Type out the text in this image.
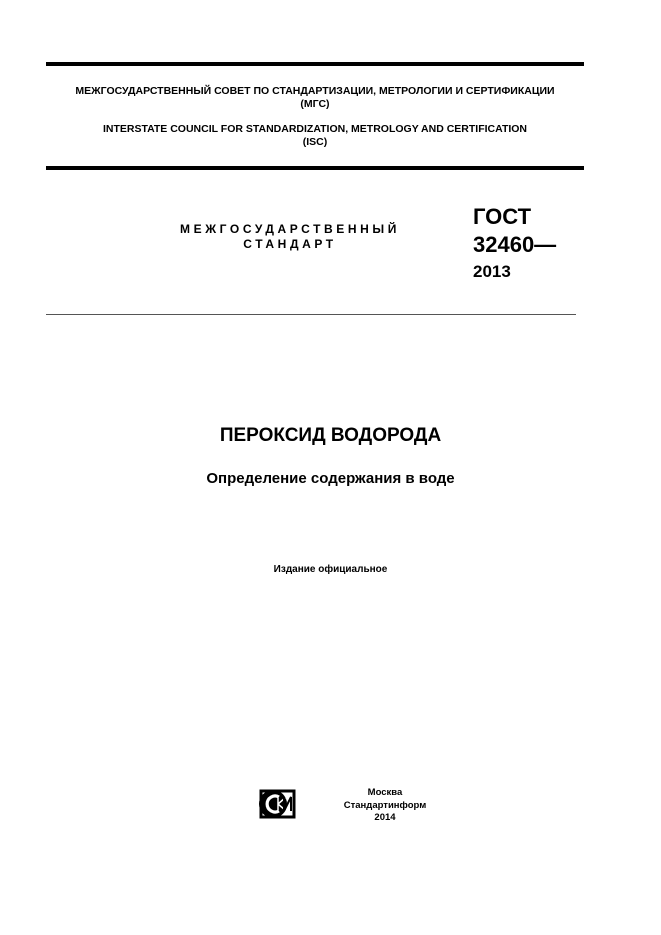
МЕЖГОСУДАРСТВЕННЫЙ СОВЕТ ПО СТАНДАРТИЗАЦИИ, МЕТРОЛОГИИ И СЕРТИФИКАЦИИ
(МГС)
INTERSTATE COUNCIL FOR STANDARDIZATION, METROLOGY AND CERTIFICATION
(ISC)
МЕЖГОСУДАРСТВЕННЫЙ
СТАНДАРТ
ГОСТ
32460—
2013
ПЕРОКСИД ВОДОРОДА
Определение содержания в воде
Издание официальное
Москва
Стандартинформ
2014
